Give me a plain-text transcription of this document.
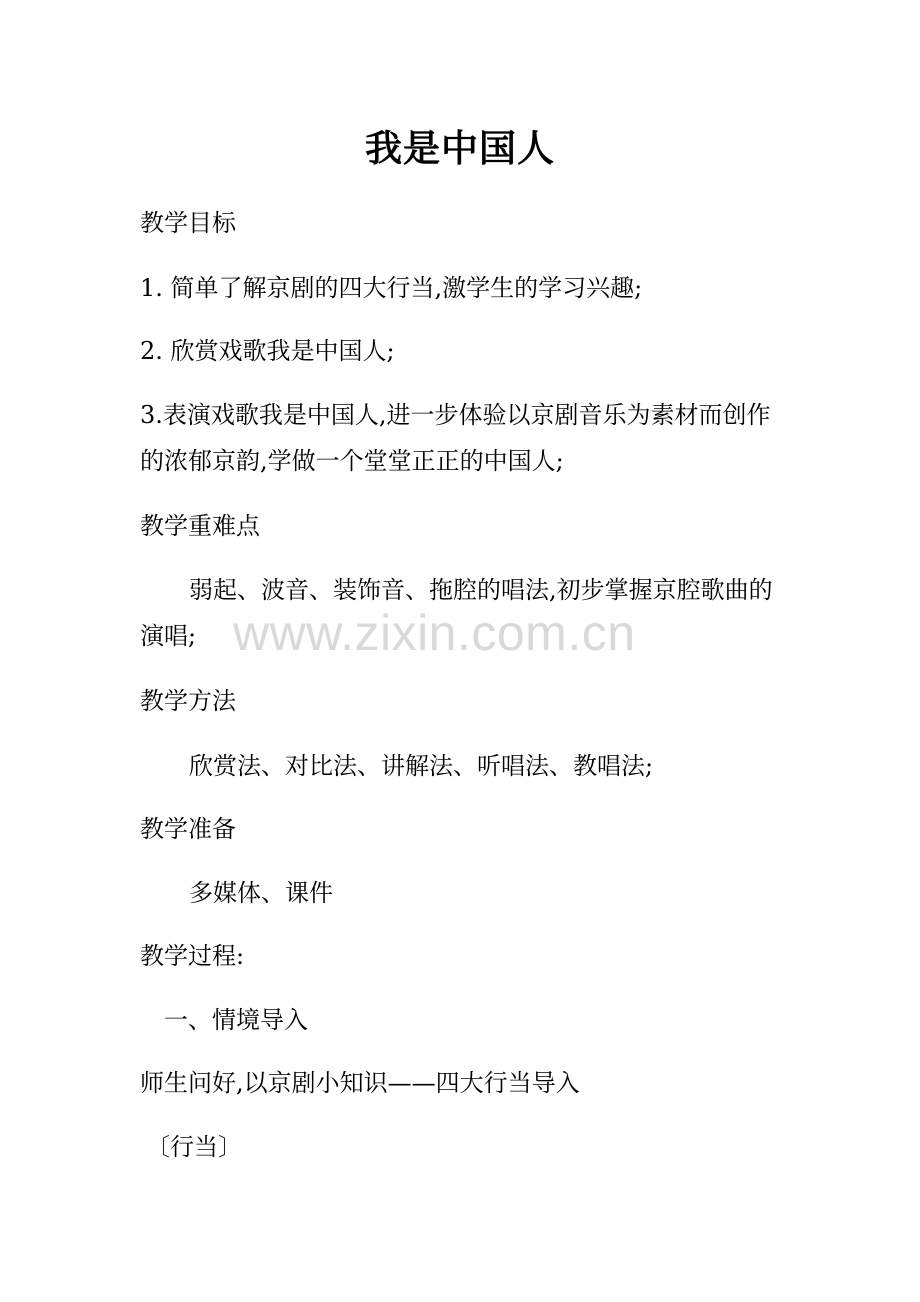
我是中国人
教学目标
1. 简单了解京剧的四大行当,激学生的学习兴趣;
2. 欣赏戏歌我是中国人;
3.表演戏歌我是中国人,进一步体验以京剧音乐为素材而创作的浓郁京韵,学做一个堂堂正正的中国人;
教学重难点
www.zixin.com.cn
弱起、波音、装饰音、拖腔的唱法,初步掌握京腔歌曲的演唱;
教学方法
欣赏法、对比法、讲解法、听唱法、教唱法;
教学准备
多媒体、课件
教学过程:
一、情境导入
师生问好,以京剧小知识——四大行当导入
〔行当〕
